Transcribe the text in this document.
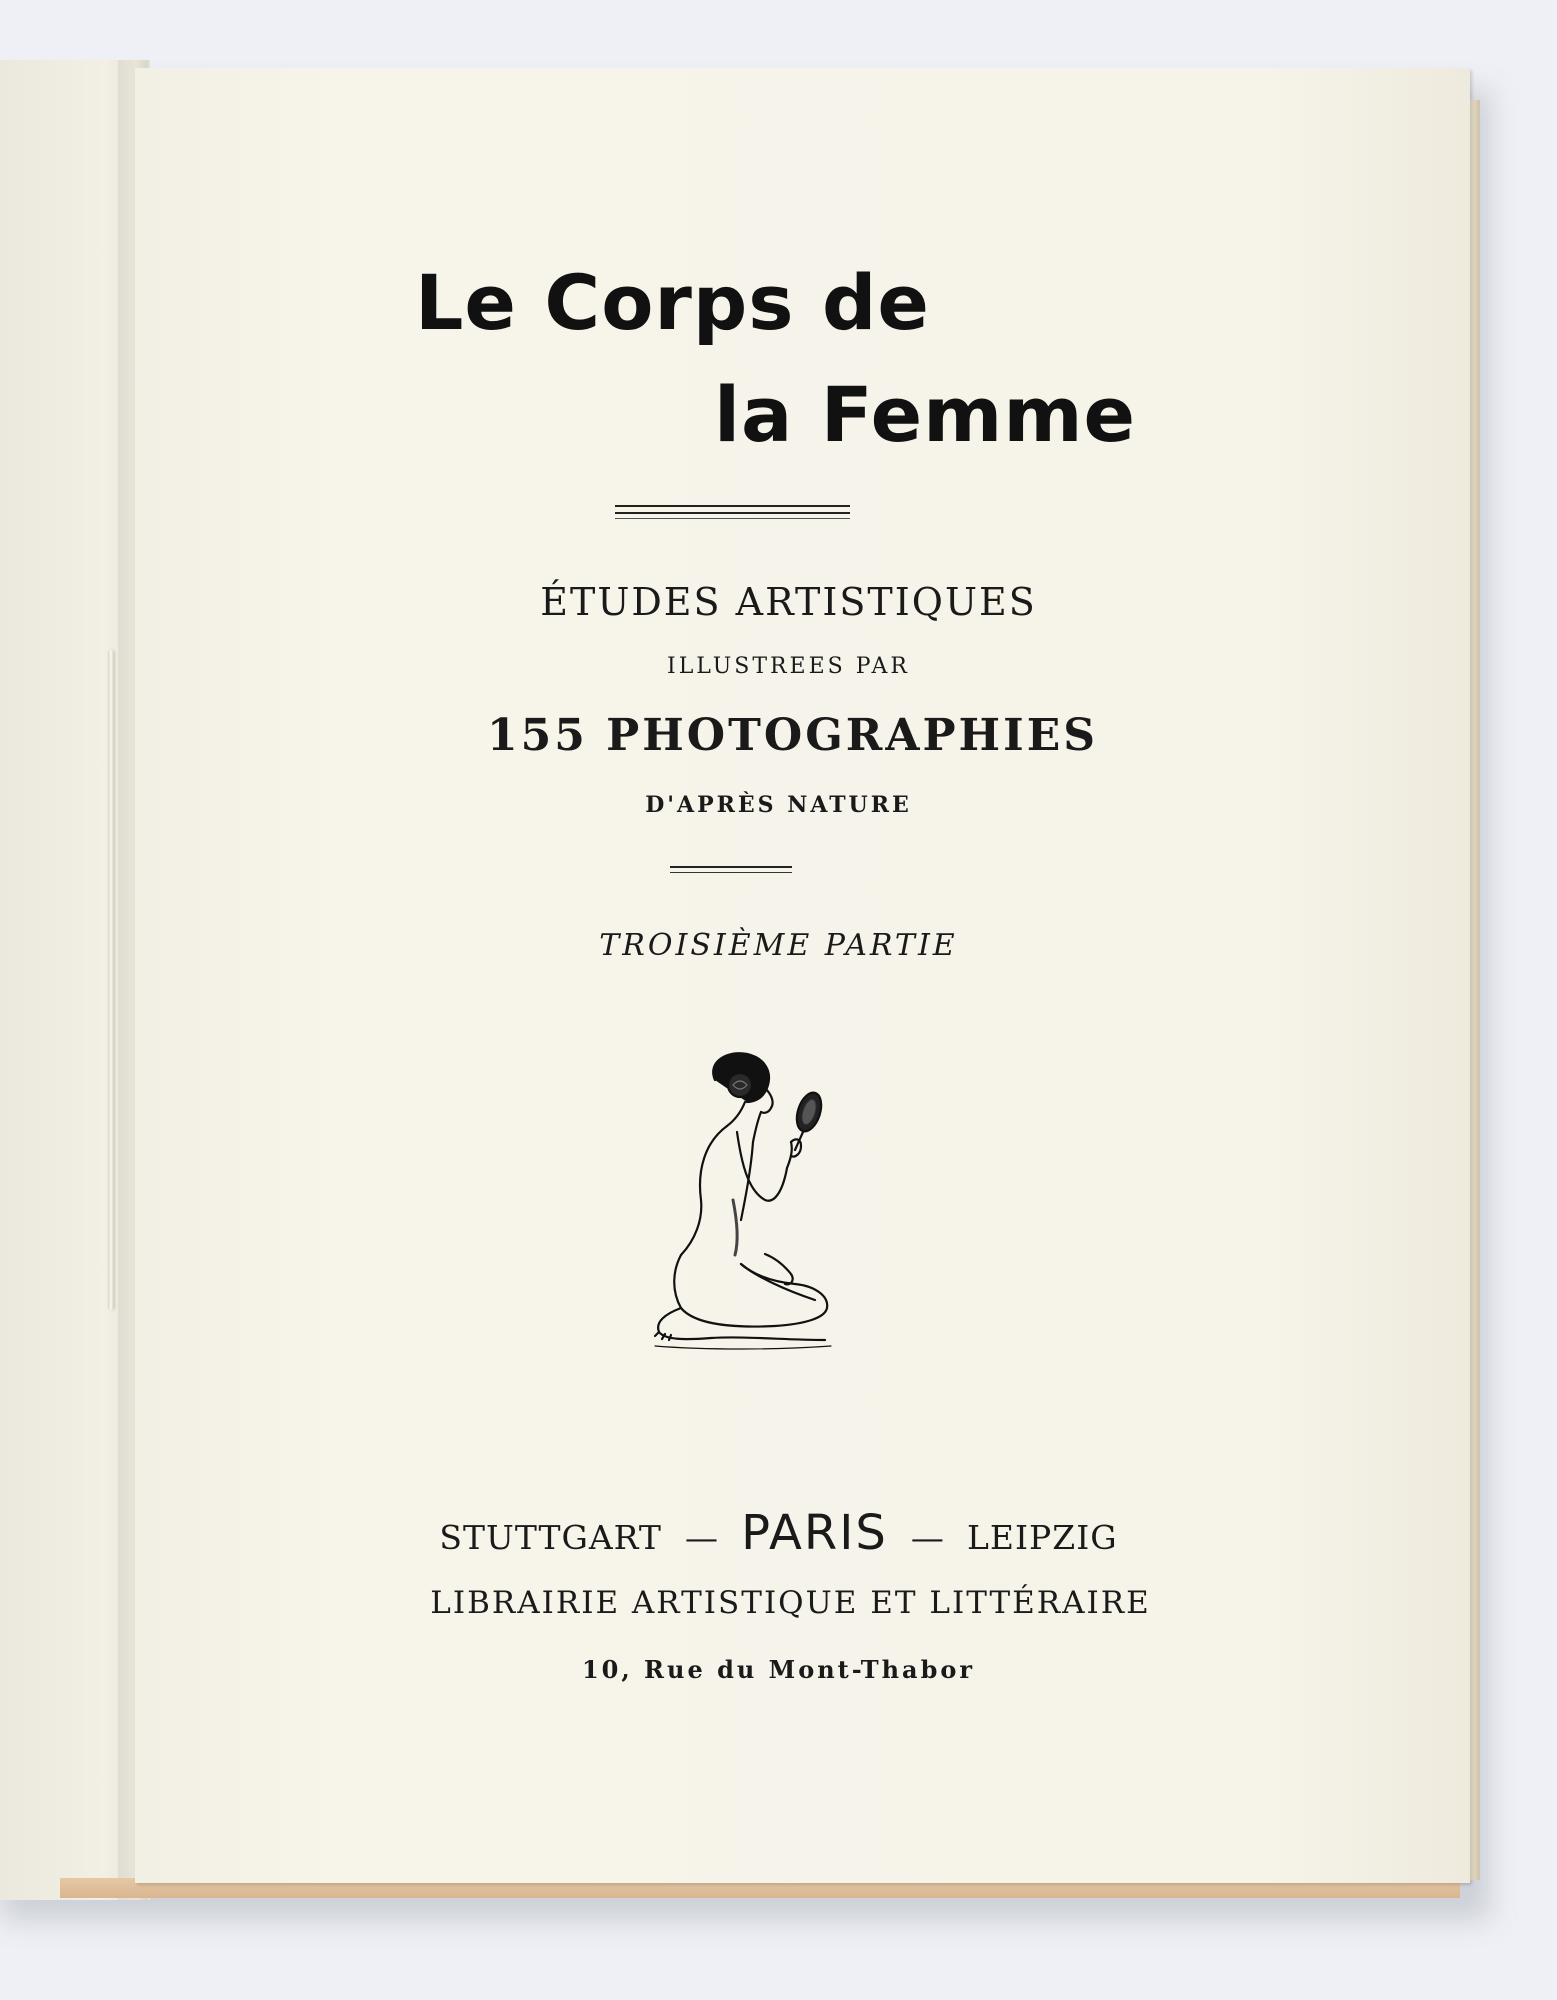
Le Corps de
la Femme
ÉTUDES ARTISTIQUES
ILLUSTREES PAR
155 PHOTOGRAPHIES
D'APRÈS NATURE
TROISIÈME PARTIE
STUTTGART — PARIS — LEIPZIG
LIBRAIRIE ARTISTIQUE ET LITTÉRAIRE
10, Rue du Mont-Thabor
